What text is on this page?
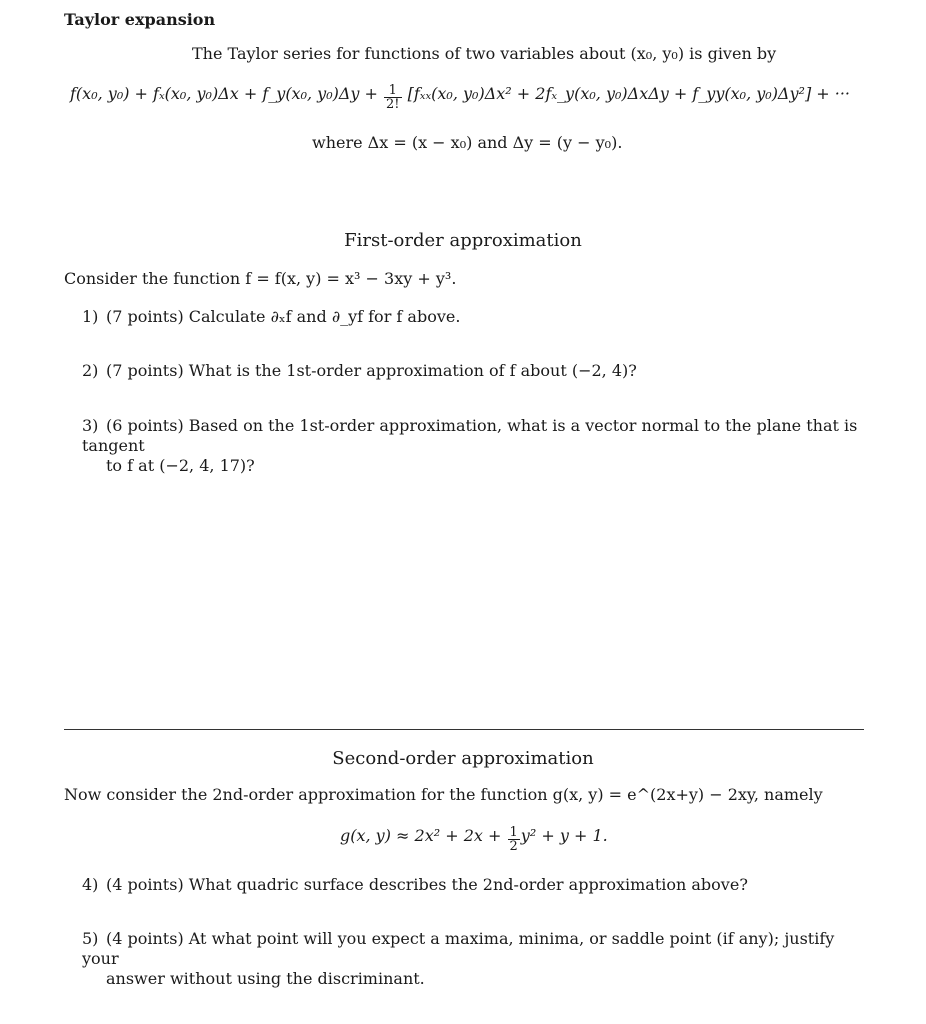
Taylor expansion
The Taylor series for functions of two variables about (x₀, y₀) is given by
f(x₀, y₀) + fₓ(x₀, y₀)Δx + f_y(x₀, $y_0)\Delta y + \frac{1}{2!} [f_{xx}(x_0$, y₀)Δx² + 2fₓ_y(x₀, y₀)ΔxΔy + f_yy(x₀, y₀)Δy²] + ···
where Δx = (x − x₀) and Δy = (y − y₀).
First-order approximation
Consider the function f = f(x, y) = x³ − 3xy + y³.
1) (7 points) Calculate ∂ₓf and ∂_yf for f above.
2) (7 points) What is the 1st-order approximation of f about (−2, 4)?
3) (6 points) Based on the 1st-order approximation, what is a vector normal to the plane that is tangent
to f at (−2, 4, 17)?
Second-order approximation
Now consider the 2nd-order approximation for the function g(x, y) = e^(2x+y) − 2xy, namely
g(x, $y) \approx 2x^2 + 2x + \frac{1}{2} y^2 + y + 1$.
4) (4 points) What quadric surface describes the 2nd-order approximation above?
5) (4 points) At what point will you expect a maxima, minima, or saddle point (if any); justify your
answer without using the discriminant.
